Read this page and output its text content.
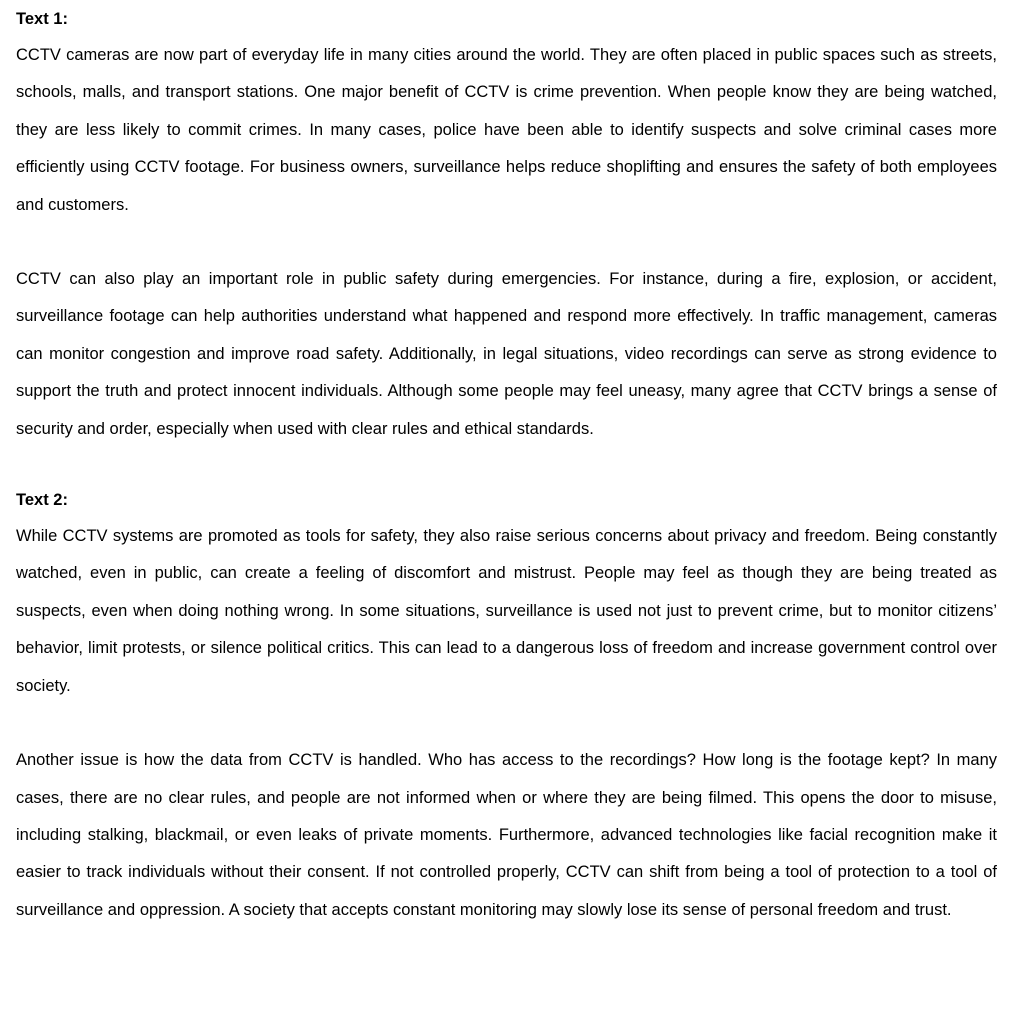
Text 1:

CCTV cameras are now part of everyday life in many cities around the world. They are often placed in public spaces such as streets, schools, malls, and transport stations. One major benefit of CCTV is crime prevention. When people know they are being watched, they are less likely to commit crimes. In many cases, police have been able to identify suspects and solve criminal cases more efficiently using CCTV footage. For business owners, surveillance helps reduce shoplifting and ensures the safety of both employees and customers.

CCTV can also play an important role in public safety during emergencies. For instance, during a fire, explosion, or accident, surveillance footage can help authorities understand what happened and respond more effectively. In traffic management, cameras can monitor congestion and improve road safety. Additionally, in legal situations, video recordings can serve as strong evidence to support the truth and protect innocent individuals. Although some people may feel uneasy, many agree that CCTV brings a sense of security and order, especially when used with clear rules and ethical standards.

Text 2:

While CCTV systems are promoted as tools for safety, they also raise serious concerns about privacy and freedom. Being constantly watched, even in public, can create a feeling of discomfort and mistrust. People may feel as though they are being treated as suspects, even when doing nothing wrong. In some situations, surveillance is used not just to prevent crime, but to monitor citizens’ behavior, limit protests, or silence political critics. This can lead to a dangerous loss of freedom and increase government control over society.

Another issue is how the data from CCTV is handled. Who has access to the recordings? How long is the footage kept? In many cases, there are no clear rules, and people are not informed when or where they are being filmed. This opens the door to misuse, including stalking, blackmail, or even leaks of private moments. Furthermore, advanced technologies like facial recognition make it easier to track individuals without their consent. If not controlled properly, CCTV can shift from being a tool of protection to a tool of surveillance and oppression. A society that accepts constant monitoring may slowly lose its sense of personal freedom and trust.
